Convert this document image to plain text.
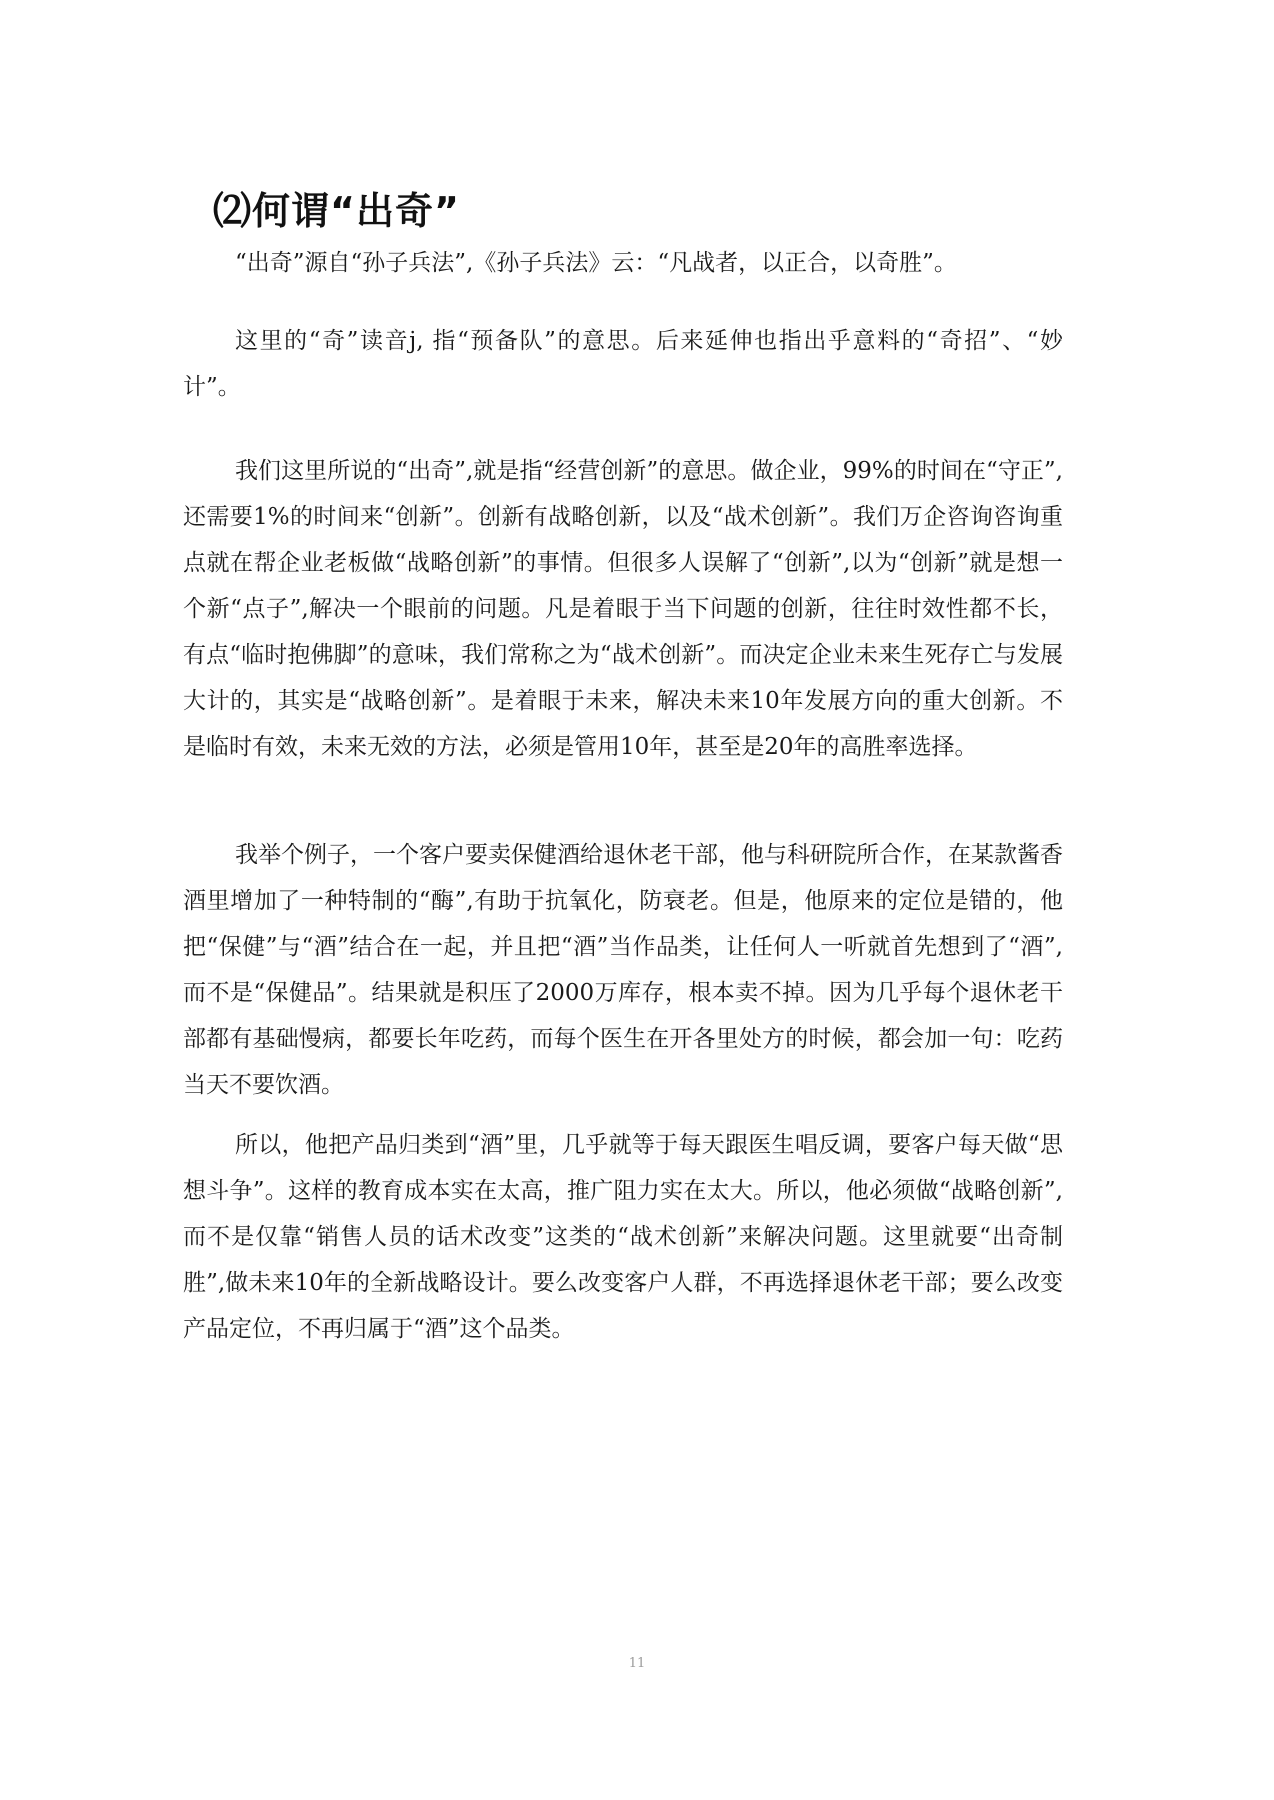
⑵何谓“出奇”

“出奇”源自“孙子兵法”,《孙子兵法》云：“凡战者，以正合，以奇胜”。

这里的“奇”读音j, 指“预备队”的意思。后来延伸也指出乎意料的“奇招”、“妙计”。

我们这里所说的“出奇”,就是指“经营创新”的意思。做企业，99%的时间在“守正”,还需要1%的时间来“创新”。创新有战略创新，以及“战术创新”。我们万企咨询咨询重点就在帮企业老板做“战略创新”的事情。但很多人误解了“创新”,以为“创新”就是想一个新“点子”,解决一个眼前的问题。凡是着眼于当下问题的创新，往往时效性都不长，有点“临时抱佛脚”的意味，我们常称之为“战术创新”。而决定企业未来生死存亡与发展大计的，其实是“战略创新”。是着眼于未来，解决未来10年发展方向的重大创新。不是临时有效，未来无效的方法，必须是管用10年，甚至是20年的高胜率选择。

我举个例子，一个客户要卖保健酒给退休老干部，他与科研院所合作，在某款酱香酒里增加了一种特制的“酶”,有助于抗氧化，防衰老。但是，他原来的定位是错的，他把“保健”与“酒”结合在一起，并且把“酒”当作品类，让任何人一听就首先想到了“酒”,而不是“保健品”。结果就是积压了2000万库存，根本卖不掉。因为几乎每个退休老干部都有基础慢病，都要长年吃药，而每个医生在开各里处方的时候，都会加一句：吃药当天不要饮酒。

所以，他把产品归类到“酒”里，几乎就等于每天跟医生唱反调，要客户每天做“思想斗争”。这样的教育成本实在太高，推广阻力实在太大。所以，他必须做“战略创新”,而不是仅靠“销售人员的话术改变”这类的“战术创新”来解决问题。这里就要“出奇制胜”,做未来10年的全新战略设计。要么改变客户人群，不再选择退休老干部；要么改变产品定位，不再归属于“酒”这个品类。

11
